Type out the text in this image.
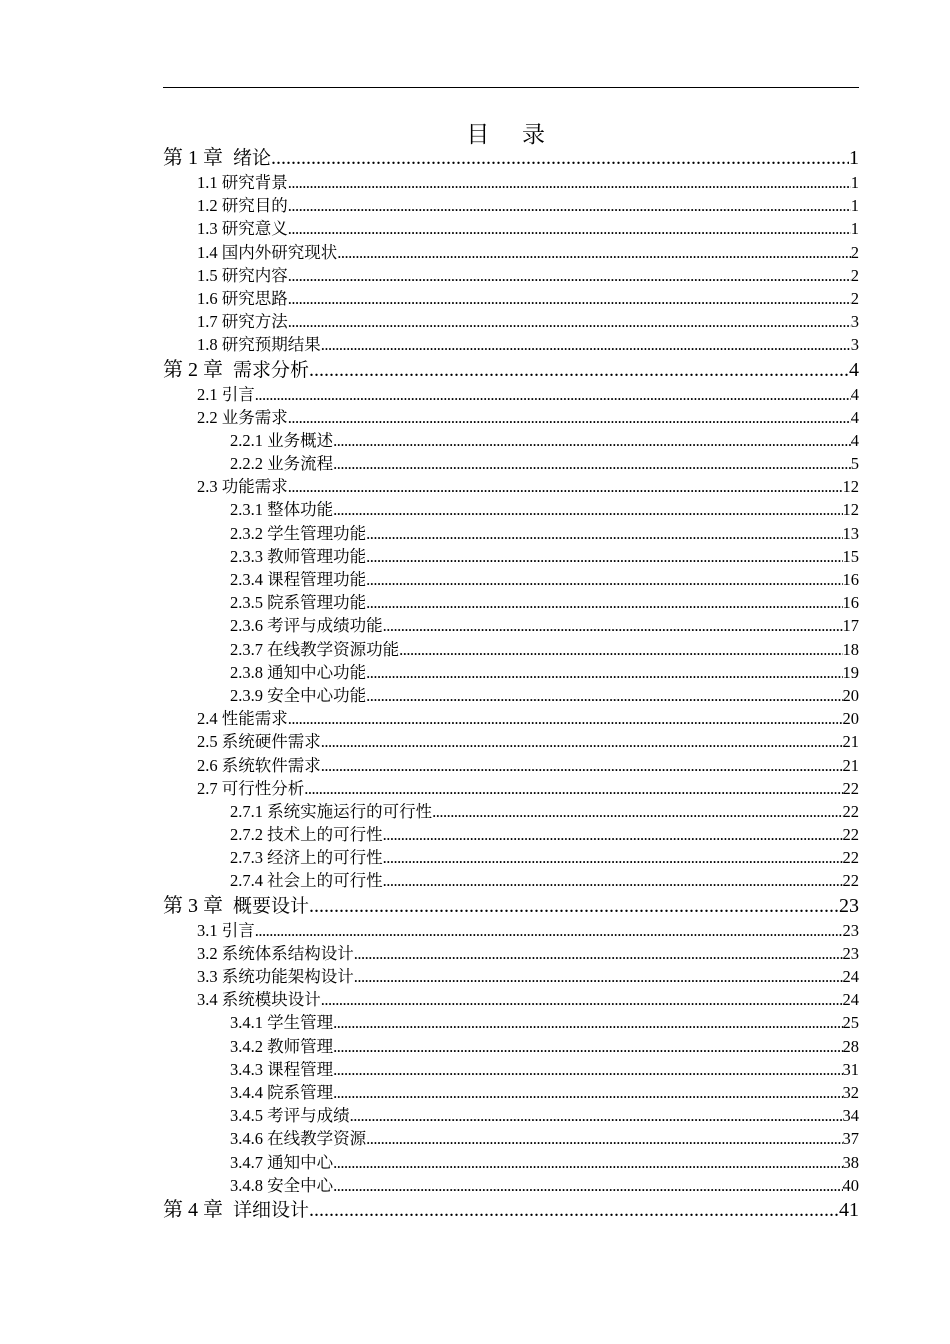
目 录
第 1 章 绪论 .....	1
1.1 研究背景 .....	1
1.2 研究目的 .....	1
1.3 研究意义 .....	1
1.4 国内外研究现状 .....	2
1.5 研究内容 .....	2
1.6 研究思路 .....	2
1.7 研究方法 .....	3
1.8 研究预期结果 .....	3
第 2 章 需求分析 .....	4
2.1 引言 .....	4
2.2 业务需求 .....	4
2.2.1 业务概述 .....	4
2.2.2 业务流程 .....	5
2.3 功能需求 .....	12
2.3.1 整体功能 .....	12
2.3.2 学生管理功能 .....	13
2.3.3 教师管理功能 .....	15
2.3.4 课程管理功能 .....	16
2.3.5 院系管理功能 .....	16
2.3.6 考评与成绩功能 .....	17
2.3.7 在线教学资源功能 .....	18
2.3.8 通知中心功能 .....	19
2.3.9 安全中心功能 .....	20
2.4 性能需求 .....	20
2.5 系统硬件需求 .....	21
2.6 系统软件需求 .....	21
2.7 可行性分析 .....	22
2.7.1 系统实施运行的可行性 .....	22
2.7.2 技术上的可行性 .....	22
2.7.3 经济上的可行性 .....	22
2.7.4 社会上的可行性 .....	22
第 3 章 概要设计 .....	23
3.1 引言 .....	23
3.2 系统体系结构设计 .....	23
3.3 系统功能架构设计 .....	24
3.4 系统模块设计 .....	24
3.4.1 学生管理 .....	25
3.4.2 教师管理 .....	28
3.4.3 课程管理 .....	31
3.4.4 院系管理 .....	32
3.4.5 考评与成绩 .....	34
3.4.6 在线教学资源 .....	37
3.4.7 通知中心 .....	38
3.4.8 安全中心 .....	40
第 4 章 详细设计 .....	41
